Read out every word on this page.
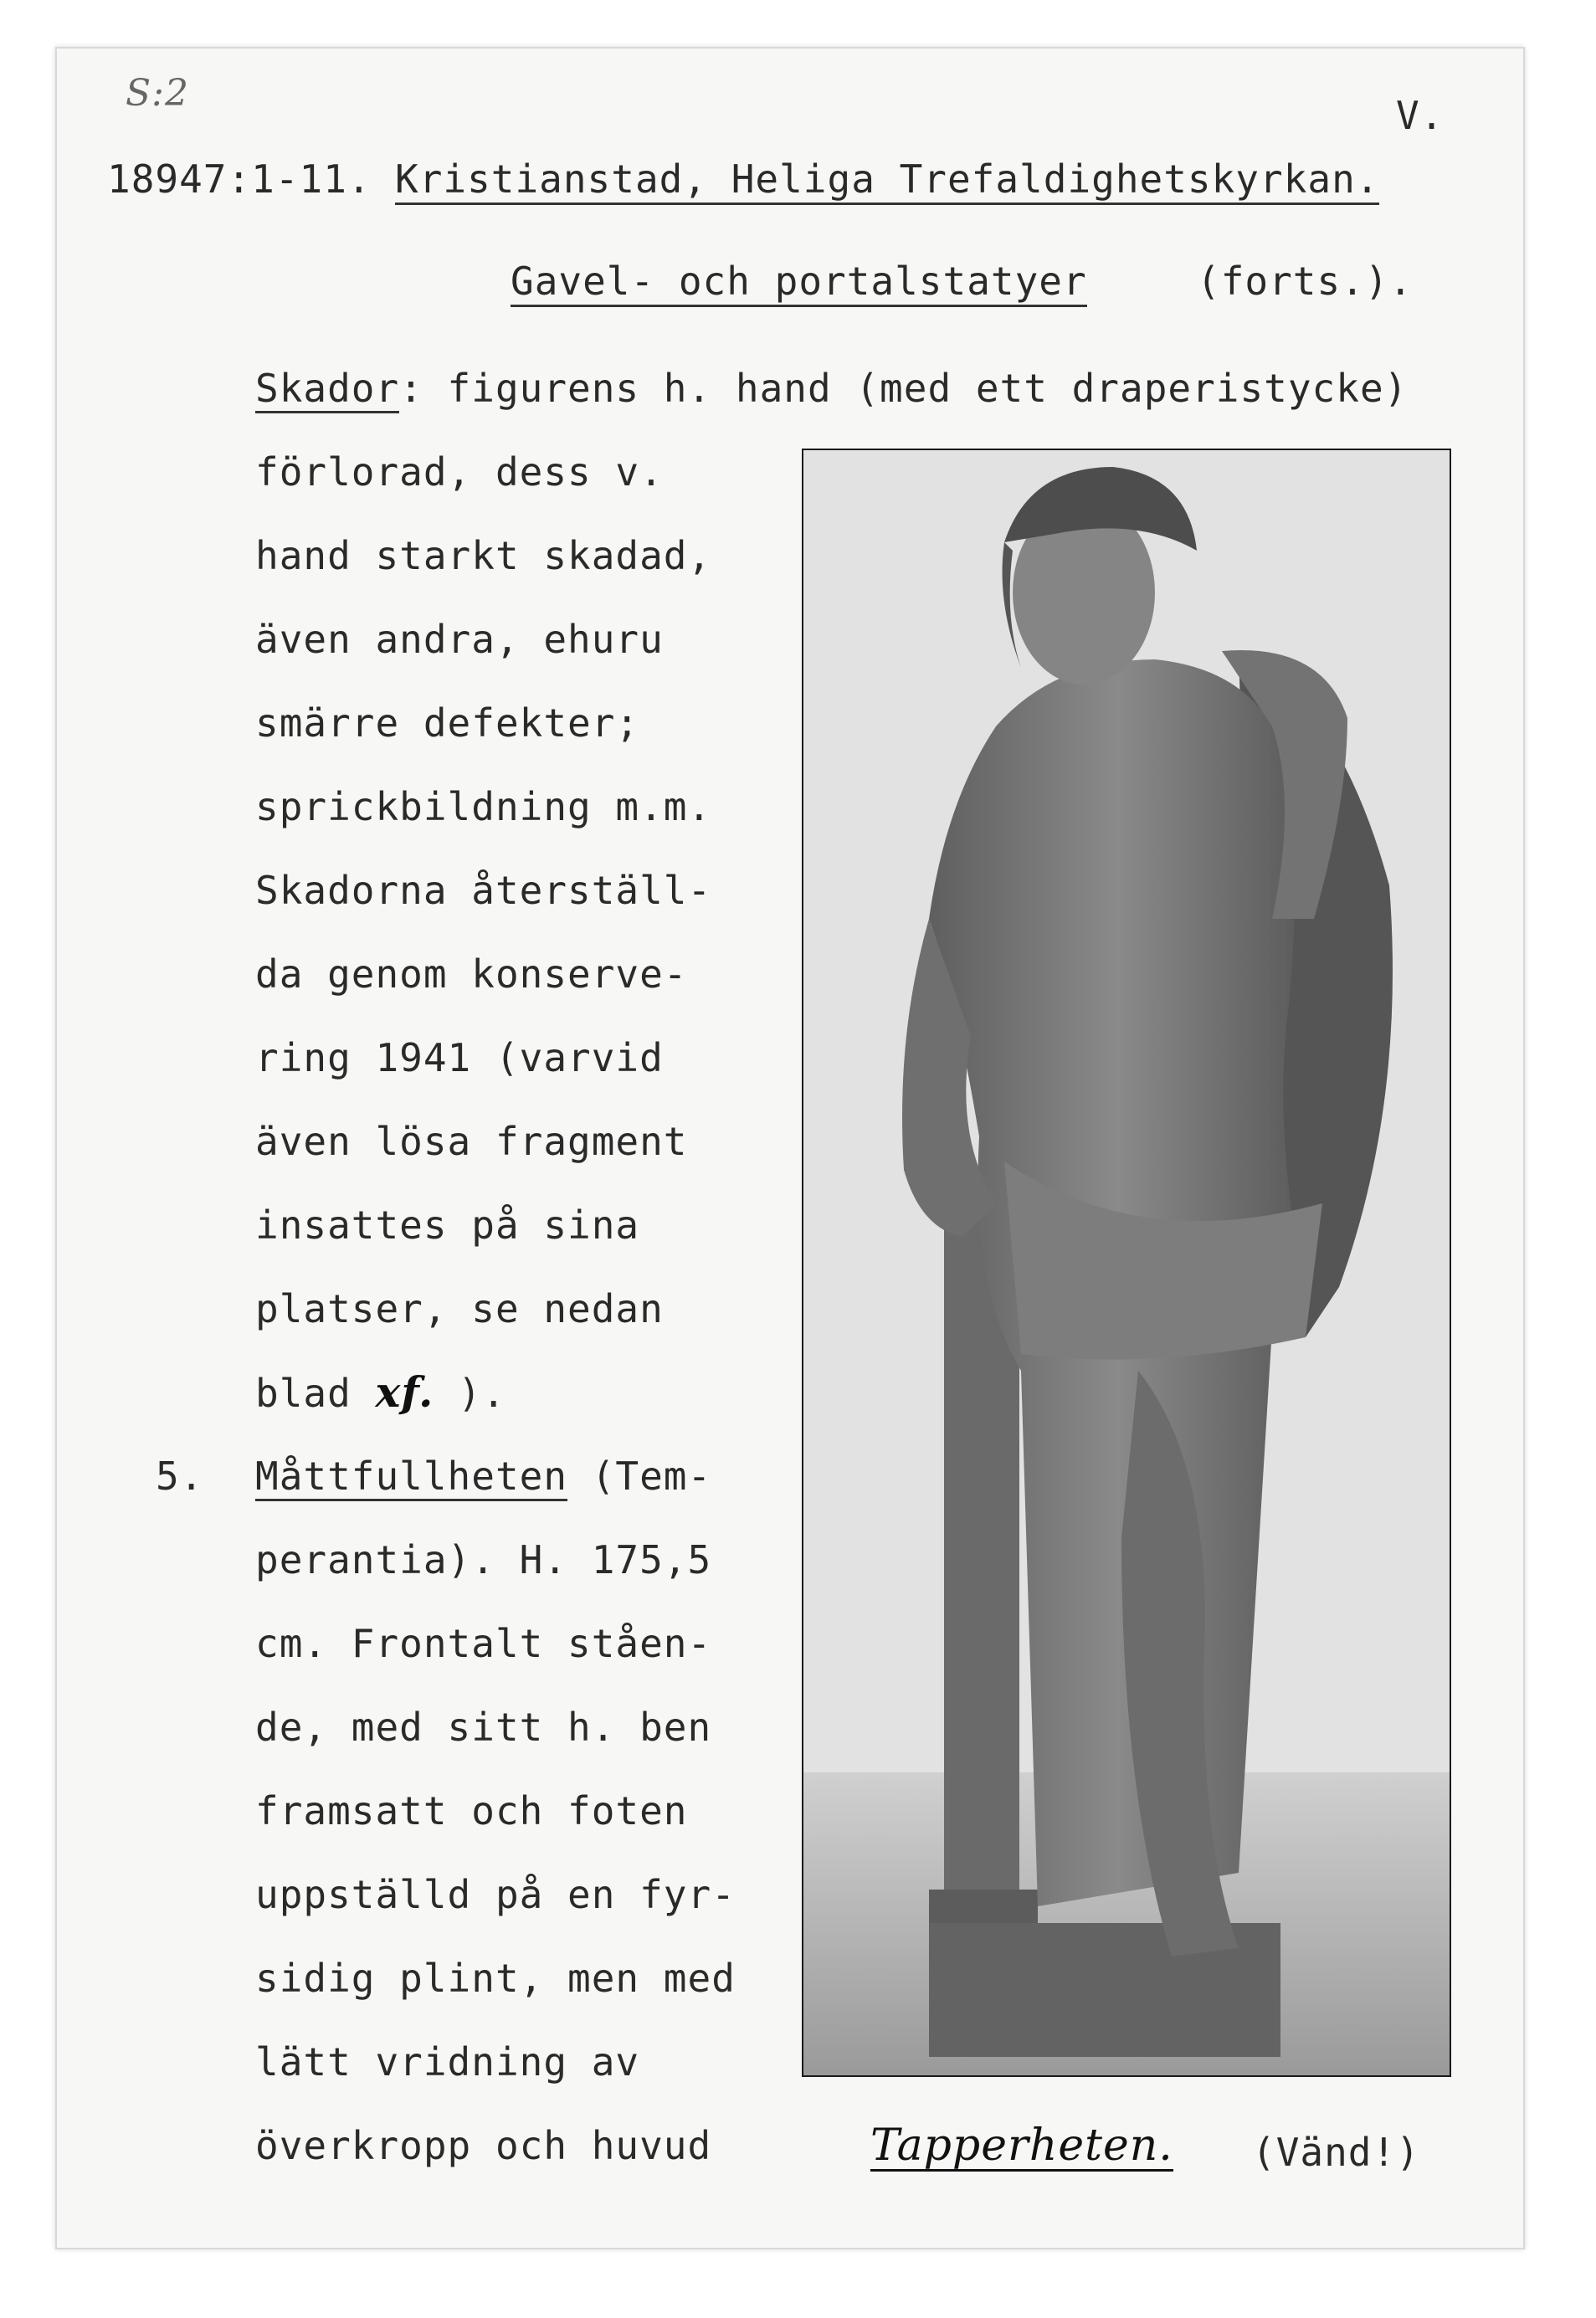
S:2	V.
18947:1-11. Kristianstad, Heliga Trefaldighetskyrkan.
Gavel- och portalstatyer	(forts.).
Skador: figurens h. hand (med ett draperistycke)
förlorad, dess v.
hand starkt skadad,
även andra, ehuru
smärre defekter;
sprickbildning m.m.
Skadorna återställ-
da genom konserve-
ring 1941 (varvid
även lösa fragment
insattes på sina
platser, se nedan
blad xf. ).
5. Måttfullheten (Tem-
perantia). H. 175,5
cm. Frontalt ståen-
de, med sitt h. ben
framsatt och foten
uppställd på en fyr-
sidig plint, men med
lätt vridning av
överkropp och huvud	Tapperheten. (Vänd!)
